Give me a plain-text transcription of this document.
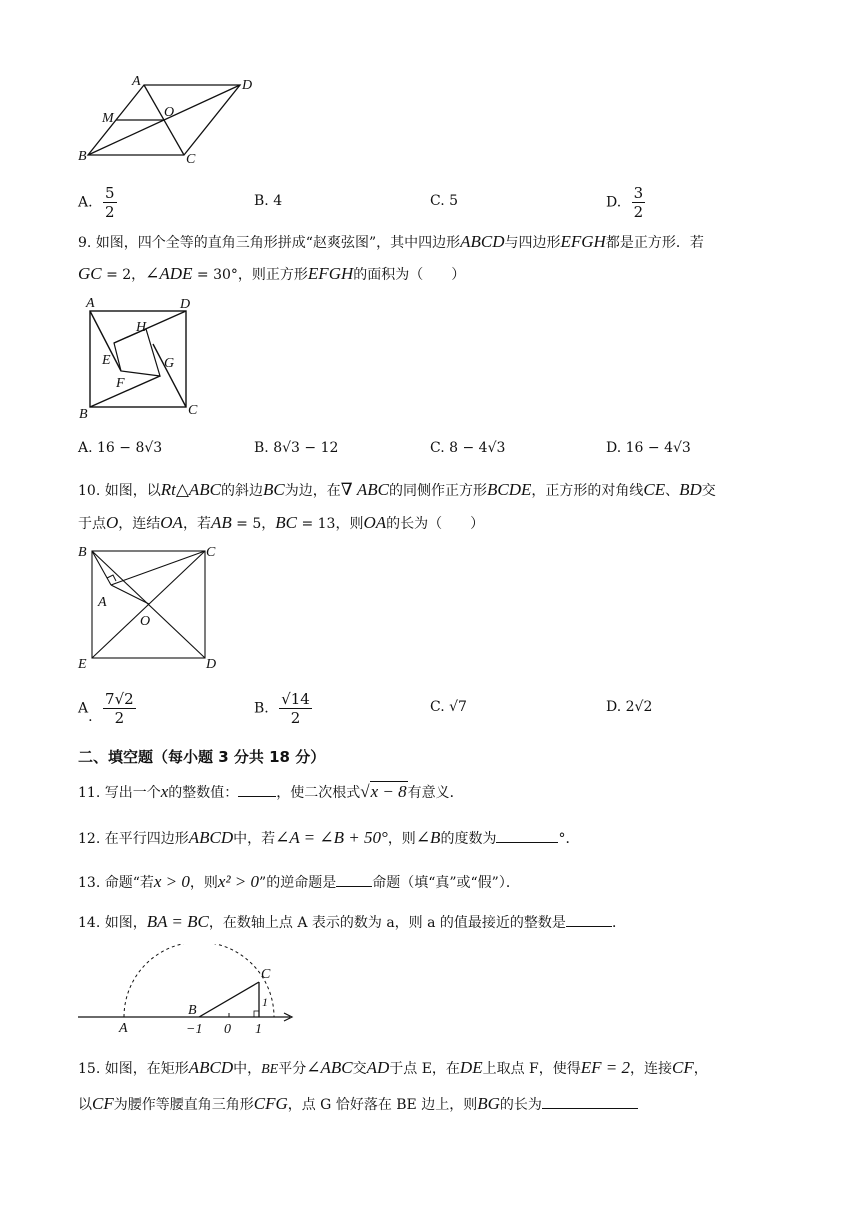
A	D
M	O
B	C
A. $\frac{5}{2}$	B. 4	C. 5	D. $\frac{3}{2}$
9. 如图，四个全等的直角三角形拼成“赵爽弦图”，其中四边形ABCD与四边形EFGH都是正方形．若
GC = 2，∠ADE = 30°，则正方形EFGH的面积为（　　）
A	D
H
E	G
F
B	C
A. 16 − 8√3	B. 8√3 − 12	C. 8 − 4√3	D. 16 − 4√3
10. 如图，以Rt△ABC的斜边BC为边，在∇ ABC的同侧作正方形BCDE，正方形的对角线CE、BD交
于点O，连结OA，若AB = 5，BC = 13，则OA的长为（　　）
B	C
A
O
E	D
A. $\frac{7√2}{2}$	B. $\frac{√14}{2}$	C. √7	D. 2√2
二、填空题（每小题 3 分共 18 分）
11. 写出一个x的整数值：	，使二次根式√x − 8有意义．
12. 在平行四边形ABCD中，若∠A = ∠B + 50°，则∠B的度数为	°．
13. 命题“若x > 0，则x² > 0”的逆命题是	命题（填“真”或“假”）．
14. 如图，BA = BC，在数轴上点 A 表示的数为 a，则 a 的值最接近的整数是	．
C
B
A
1
−1 0 1
15. 如图，在矩形ABCD中，BE平分∠ABC交AD于点 E，在DE上取点 F，使得EF = 2，连接CF，
以CF为腰作等腰直角三角形CFG，点 G 恰好落在 BE 边上，则BG的长为
